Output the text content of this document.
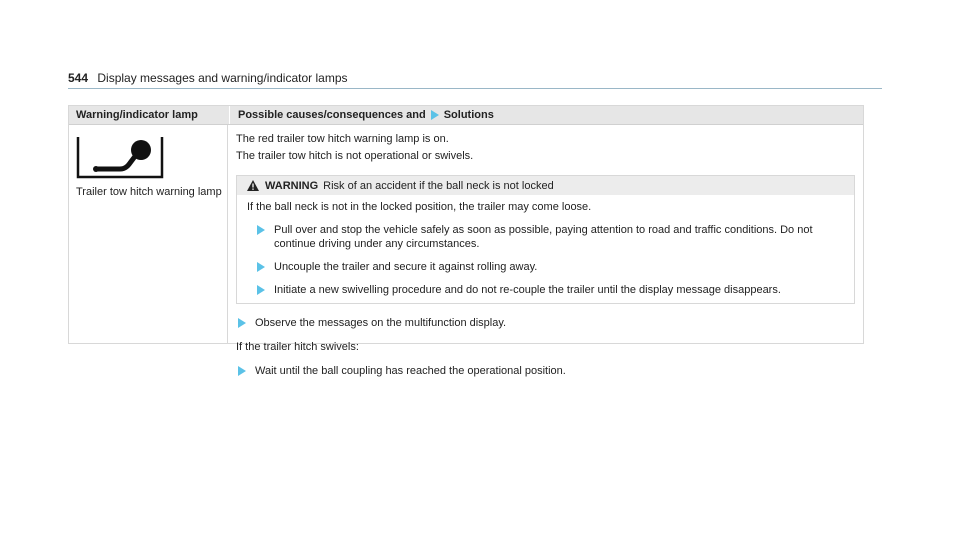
544 Display messages and warning/indicator lamps
Warning/indicator lamp	Possible causes/consequences and Solutions
Trailer tow hitch warning lamp

The red trailer tow hitch warning lamp is on.

The trailer tow hitch is not operational or swivels.

WARNING Risk of an accident if the ball neck is not locked
If the ball neck is not in the locked position, the trailer may come loose.
Pull over and stop the vehicle safely as soon as possible, paying attention to road and traffic conditions. Do not continue driving under any circumstances.
Uncouple the trailer and secure it against rolling away.
Initiate a new swivelling procedure and do not re-couple the trailer until the display message disappears.
Observe the messages on the multifunction display.

If the trailer hitch swivels:

Wait until the ball coupling has reached the operational position.
